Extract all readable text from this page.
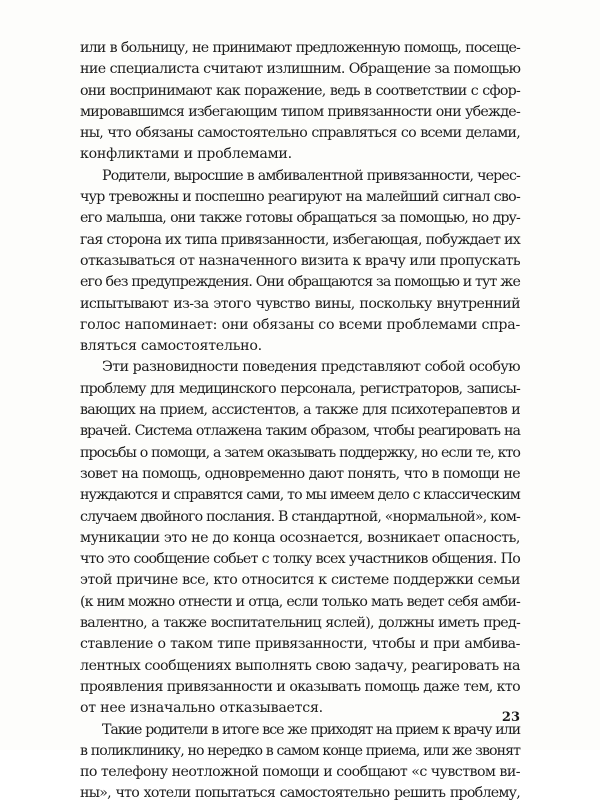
или в больницу, не принимают предложенную помощь, посеще-
ние специалиста считают излишним. Обращение за помощью
они воспринимают как поражение, ведь в соответствии с сфор-
мировавшимся избегающим типом привязанности они убежде-
ны, что обязаны самостоятельно справляться со всеми делами,
конфликтами и проблемами.
Родители, выросшие в амбивалентной привязанности, черес-
чур тревожны и поспешно реагируют на малейший сигнал сво-
его малыша, они также готовы обращаться за помощью, но дру-
гая сторона их типа привязанности, избегающая, побуждает их
отказываться от назначенного визита к врачу или пропускать
его без предупреждения. Они обращаются за помощью и тут же
испытывают из-за этого чувство вины, поскольку внутренний
голос напоминает: они обязаны со всеми проблемами спра-
вляться самостоятельно.
Эти разновидности поведения представляют собой особую
проблему для медицинского персонала, регистраторов, записы-
вающих на прием, ассистентов, а также для психотерапевтов и
врачей. Система отлажена таким образом, чтобы реагировать на
просьбы о помощи, а затем оказывать поддержку, но если те, кто
зовет на помощь, одновременно дают понять, что в помощи не
нуждаются и справятся сами, то мы имеем дело с классическим
случаем двойного послания. В стандартной, «нормальной», ком-
муникации это не до конца осознается, возникает опасность,
что это сообщение собьет с толку всех участников общения. По
этой причине все, кто относится к системе поддержки семьи
(к ним можно отнести и отца, если только мать ведет себя амби-
валентно, а также воспитательниц яслей), должны иметь пред-
ставление о таком типе привязанности, чтобы и при амбива-
лентных сообщениях выполнять свою задачу, реагировать на
проявления привязанности и оказывать помощь даже тем, кто
от нее изначально отказывается.
Такие родители в итоге все же приходят на прием к врачу или
в поликлинику, но нередко в самом конце приема, или же звонят
по телефону неотложной помощи и сообщают «с чувством ви-
ны», что хотели попытаться самостоятельно решить проблему,
23
